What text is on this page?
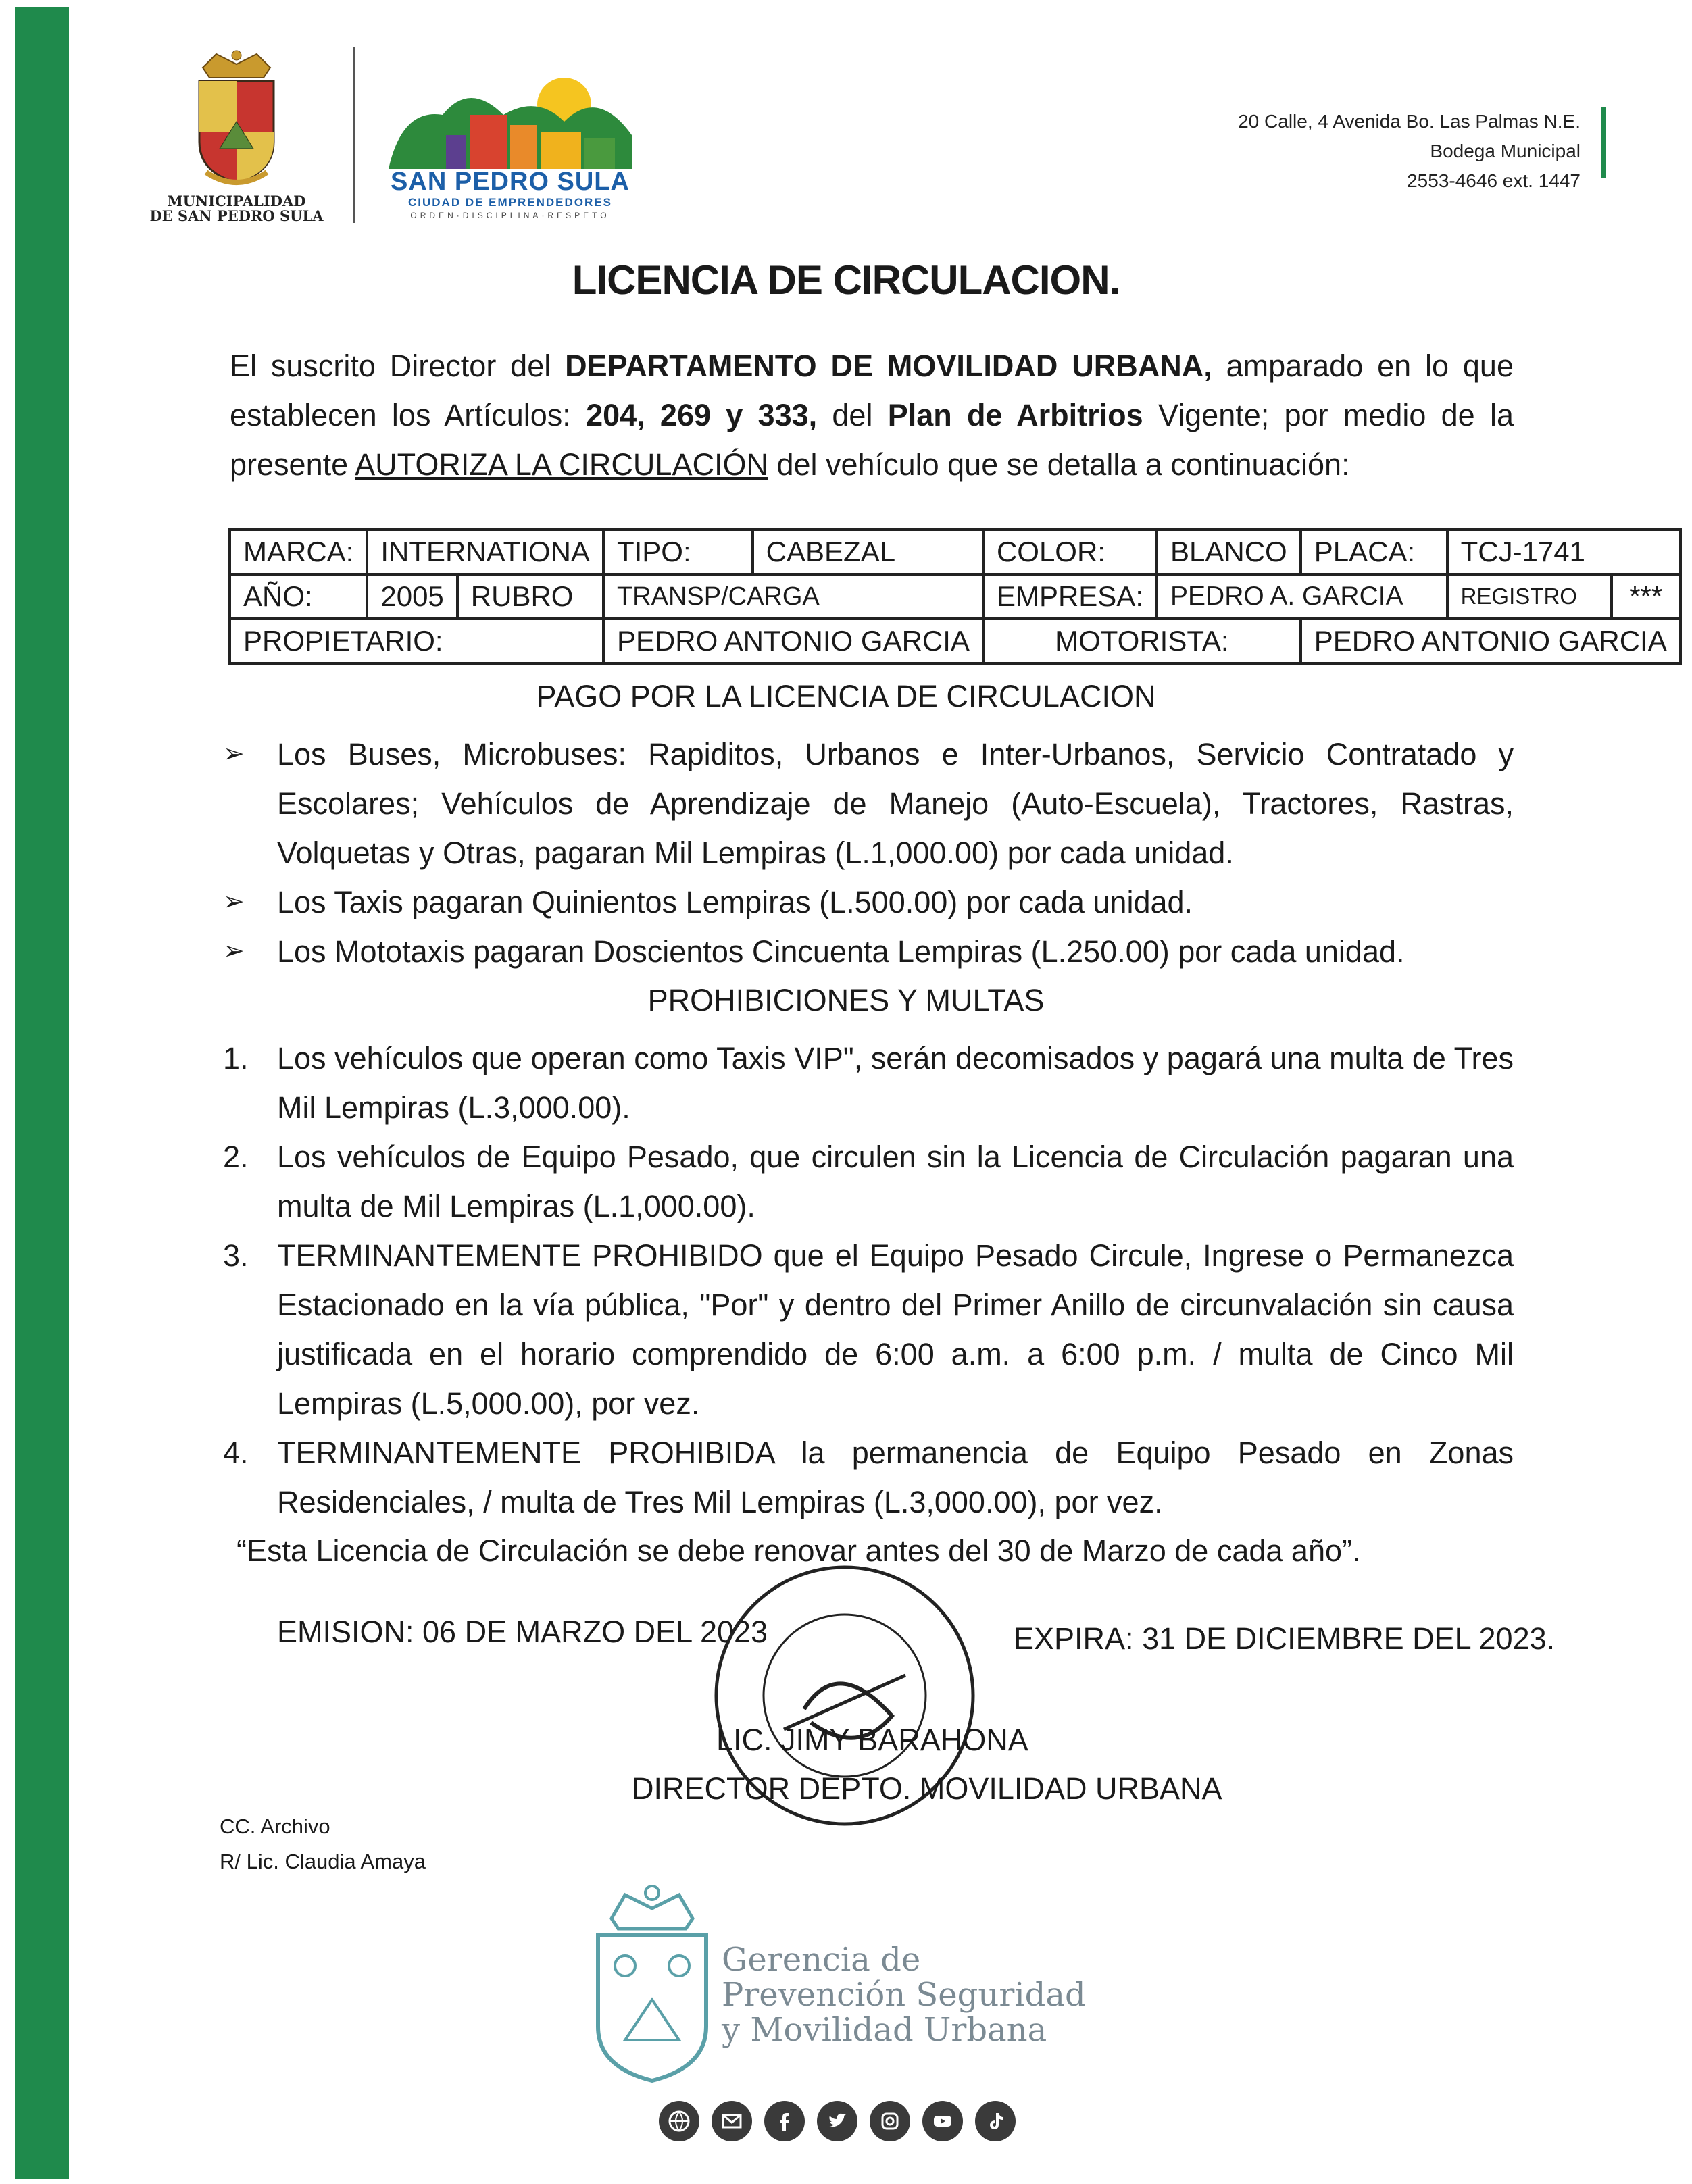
MUNICIPALIDAD
DE SAN PEDRO SULA
SAN PEDRO SULA
CIUDAD DE EMPRENDEDORES
ORDEN·DISCIPLINA·RESPETO
20 Calle, 4 Avenida Bo. Las Palmas N.E.
Bodega Municipal
2553-4646 ext. 1447
LICENCIA DE CIRCULACION.
El suscrito Director del DEPARTAMENTO DE MOVILIDAD URBANA, amparado en lo que establecen los Artículos: 204, 269 y 333, del Plan de Arbitrios Vigente; por medio de la presente AUTORIZA LA CIRCULACIÓN del vehículo que se detalla a continuación:
MARCA:	INTERNATIONA	TIPO:	CABEZAL	COLOR:	BLANCO	PLACA:	TCJ-1741	
AÑO:	2005 RUBRO	TRANSP/CARGA		EMPRESA:	PEDRO A. GARCIA		REGISTRO	***
PROPIETARIO:		PEDRO ANTONIO GARCIA		MOTORISTA:		PEDRO ANTONIO GARCIA		
PAGO POR LA LICENCIA DE CIRCULACION

➢ Los Buses, Microbuses: Rapiditos, Urbanos e Inter-Urbanos, Servicio Contratado y Escolares; Vehículos de Aprendizaje de Manejo (Auto-Escuela), Tractores, Rastras, Volquetas y Otras, pagaran Mil Lempiras (L.1,000.00) por cada unidad.

➢ Los Taxis pagaran Quinientos Lempiras (L.500.00) por cada unidad.

➢ Los Mototaxis pagaran Doscientos Cincuenta Lempiras (L.250.00) por cada unidad.

PROHIBICIONES Y MULTAS

1. Los vehículos que operan como Taxis VIP", serán decomisados y pagará una multa de Tres Mil Lempiras (L.3,000.00).

2. Los vehículos de Equipo Pesado, que circulen sin la Licencia de Circulación pagaran una multa de Mil Lempiras (L.1,000.00).

3. TERMINANTEMENTE PROHIBIDO que el Equipo Pesado Circule, Ingrese o Permanezca Estacionado en la vía pública, "Por" y dentro del Primer Anillo de circunvalación sin causa justificada en el horario comprendido de 6:00 a.m. a 6:00 p.m. / multa de Cinco Mil Lempiras (L.5,000.00), por vez.

4. TERMINANTEMENTE PROHIBIDA la permanencia de Equipo Pesado en Zonas Residenciales, / multa de Tres Mil Lempiras (L.3,000.00), por vez.

“Esta Licencia de Circulación se debe renovar antes del 30 de Marzo de cada año”.
EMISION: 06 DE MARZO DEL 2023	EXPIRA: 31 DE DICIEMBRE DEL 2023.
LIC. JIMY BARAHONA
DIRECTOR DEPTO. MOVILIDAD URBANA
CC. Archivo
R/ Lic. Claudia Amaya
Gerencia de
Prevención Seguridad
y Movilidad Urbana
